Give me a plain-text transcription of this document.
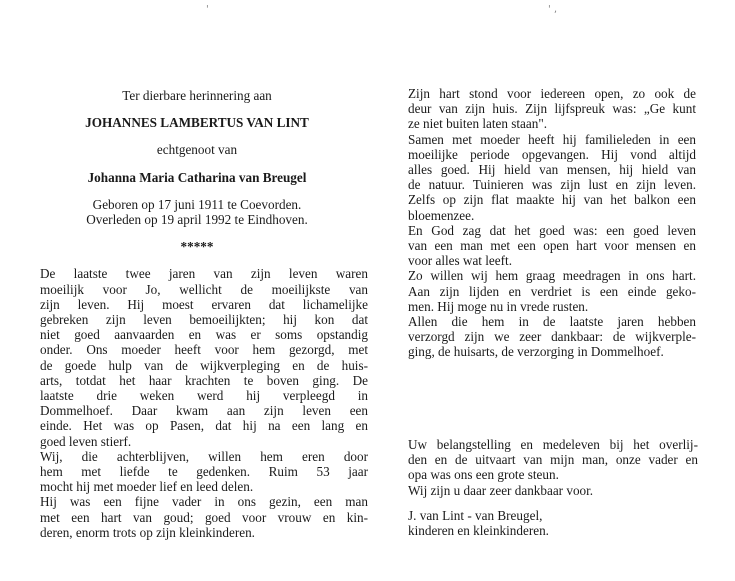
'	' ,
Ter dierbare herinnering aan
JOHANNES LAMBERTUS VAN LINT
echtgenoot van
Johanna Maria Catharina van Breugel
Geboren op 17 juni 1911 te Coevorden.
Overleden op 19 april 1992 te Eindhoven.
*****
De laatste twee jaren van zijn leven waren
moeilijk voor Jo, wellicht de moeilijkste van
zijn leven. Hij moest ervaren dat lichamelijke
gebreken zijn leven bemoeilijkten; hij kon dat
niet goed aanvaarden en was er soms opstandig
onder. Ons moeder heeft voor hem gezorgd, met
de goede hulp van de wijkverpleging en de huis-
arts, totdat het haar krachten te boven ging. De
laatste drie weken werd hij verpleegd in
Dommelhoef. Daar kwam aan zijn leven een
einde. Het was op Pasen, dat hij na een lang en
goed leven stierf.
Wij, die achterblijven, willen hem eren door
hem met liefde te gedenken. Ruim 53 jaar
mocht hij met moeder lief en leed delen.
Hij was een fijne vader in ons gezin, een man
met een hart van goud; goed voor vrouw en kin-
deren, enorm trots op zijn kleinkinderen.
Zijn hart stond voor iedereen open, zo ook de
deur van zijn huis. Zijn lijfspreuk was: „Ge kunt
ze niet buiten laten staan".
Samen met moeder heeft hij familieleden in een
moeilijke periode opgevangen. Hij vond altijd
alles goed. Hij hield van mensen, hij hield van
de natuur. Tuinieren was zijn lust en zijn leven.
Zelfs op zijn flat maakte hij van het balkon een
bloemenzee.
En God zag dat het goed was: een goed leven
van een man met een open hart voor mensen en
voor alles wat leeft.
Zo willen wij hem graag meedragen in ons hart.
Aan zijn lijden en verdriet is een einde geko-
men. Hij moge nu in vrede rusten.
Allen die hem in de laatste jaren hebben
verzorgd zijn we zeer dankbaar: de wijkverple-
ging, de huisarts, de verzorging in Dommelhoef.
Uw belangstelling en medeleven bij het overlij-
den en de uitvaart van mijn man, onze vader en
opa was ons een grote steun.
Wij zijn u daar zeer dankbaar voor.
J. van Lint - van Breugel,
kinderen en kleinkinderen.
